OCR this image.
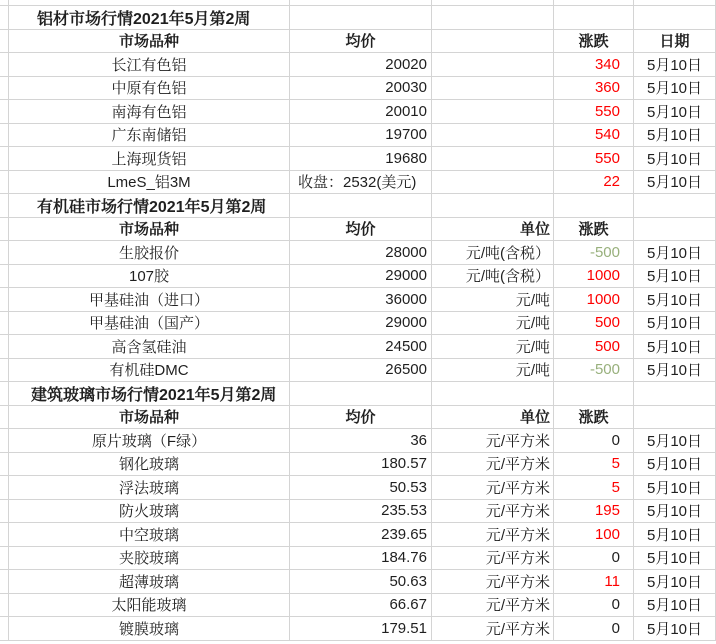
铝材市场行情2021年5月第2周
市场品种	均价	涨跌	日期
长江有色铝	20020	340	5月10日
中原有色铝	20030	360	5月10日
南海有色铝	20010	550	5月10日
广东南储铝	19700	540	5月10日
上海现货铝	19680	550	5月10日
LmeS_铝3M	收盘：2532(美元)	22	5月10日
有机硅市场行情2021年5月第2周
市场品种	均价	单位	涨跌
生胶报价	28000	元/吨(含税）	-500	5月10日
107胶	29000	元/吨(含税）	1000	5月10日
甲基硅油（进口）	36000	元/吨	1000	5月10日
甲基硅油（国产）	29000	元/吨	500	5月10日
高含氢硅油	24500	元/吨	500	5月10日
有机硅DMC	26500	元/吨	-500	5月10日
建筑玻璃市场行情2021年5月第2周
市场品种	均价	单位	涨跌
原片玻璃（F绿）	36	元/平方米	0	5月10日
钢化玻璃	180.57	元/平方米	5	5月10日
浮法玻璃	50.53	元/平方米	5	5月10日
防火玻璃	235.53	元/平方米	195	5月10日
中空玻璃	239.65	元/平方米	100	5月10日
夹胶玻璃	184.76	元/平方米	0	5月10日
超薄玻璃	50.63	元/平方米	11	5月10日
太阳能玻璃	66.67	元/平方米	0	5月10日
镀膜玻璃	179.51	元/平方米	0	5月10日
